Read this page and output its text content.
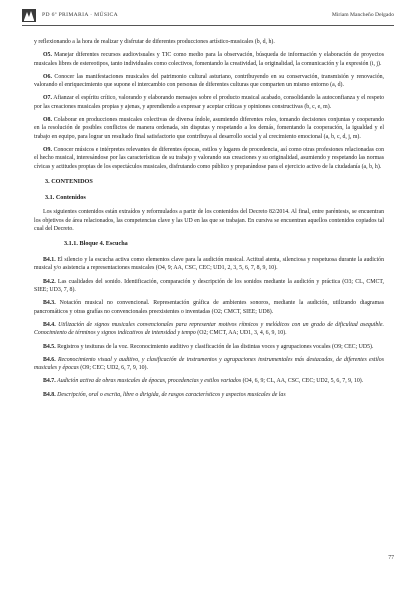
PD 6º PRIMARIA · MÚSICA	Miriam Mancheño Delgado

y reflexionando a la hora de realizar y disfrutar de diferentes producciones artístico-musicales (b, d, h).

O5. Manejar diferentes recursos audiovisuales y TIC como medio para la observación, búsqueda de información y elaboración de proyectos musicales libres de estereotipos, tanto individuales como colectivos, fomentando la creatividad, la originalidad, la comunicación y la expresión (i, j).

O6. Conocer las manifestaciones musicales del patrimonio cultural asturiano, contribuyendo en su conservación, transmisión y renovación, valorando el enriquecimiento que supone el intercambio con personas de diferentes culturas que comparten un mismo entorno (a, d).

O7. Afianzar el espíritu crítico, valorando y elaborando mensajes sobre el producto musical acabado, consolidando la autoconfianza y el respeto por las creaciones musicales propias y ajenas, y aprendiendo a expresar y aceptar críticas y opiniones constructivas (b, c, e, m).

O8. Colaborar en producciones musicales colectivas de diversa índole, asumiendo diferentes roles, tomando decisiones conjuntas y cooperando en la resolución de posibles conflictos de manera ordenada, sin disputas y respetando a los demás, fomentando la cooperación, la igualdad y el trabajo en equipo, para lograr un resultado final satisfactorio que contribuya al desarrollo social y al crecimiento emocional (a, b, c, d, j, m).

O9. Conocer músicos e intérpretes relevantes de diferentes épocas, estilos y lugares de procedencia, así como otras profesiones relacionadas con el hecho musical, interesándose por las características de su trabajo y valorando sus creaciones y su originalidad, asumiendo y respetando las normas cívicas y actitudes propias de los espectáculos musicales, disfrutando como público y preparándose para el ejercicio activo de la ciudadanía (a, b, h).

3. CONTENIDOS
3.1. Contenidos

Los siguientes contenidos están extraídos y reformulados a partir de los contenidos del Decreto 82/2014. Al final, entre paréntesis, se encuentran los objetivos de área relacionados, las competencias clave y las UD en las que se trabajan. En cursiva se encuentran aquellos contenidos copiados tal cual del Decreto.

3.1.1. Bloque 4. Escucha

B4.1. El silencio y la escucha activa como elementos clave para la audición musical. Actitud atenta, silenciosa y respetuosa durante la audición musical y/o asistencia a representaciones musicales (O4, 9; AA, CSC, CEC; UD1, 2, 3, 5, 6, 7, 8, 9, 10).

B4.2. Las cualidades del sonido. Identificación, comparación y descripción de los sonidos mediante la audición y práctica (O3; CL, CMCT, SIEE; UD3, 7, 8).

B4.3. Notación musical no convencional. Representación gráfica de ambientes sonoros, mediante la audición, utilizando diagramas pancromáticos y otras grafías no convencionales preexistentes o inventadas (O2; CMCT, SIEE; UD8).

B4.4. Utilización de signos musicales convencionales para representar motivos rítmicos y melódicos con un grado de dificultad asequible. Conocimiento de términos y signos indicativos de intensidad y tempo (O2; CMCT, AA; UD1, 3, 4, 6, 9, 10).

B4.5. Registros y tesituras de la voz. Reconocimiento auditivo y clasificación de las distintas voces y agrupaciones vocales (O9; CEC; UD5).

B4.6. Reconocimiento visual y auditivo, y clasificación de instrumentos y agrupaciones instrumentales más destacadas, de diferentes estilos musicales y épocas (O9; CEC; UD2, 6, 7, 9, 10).

B4.7. Audición activa de obras musicales de épocas, procedencias y estilos variados (O4, 6, 9; CL, AA, CSC, CEC; UD2, 5, 6, 7, 9, 10).

B4.8. Descripción, oral o escrita, libre o dirigida, de rasgos característicos y aspectos musicales de las

77
